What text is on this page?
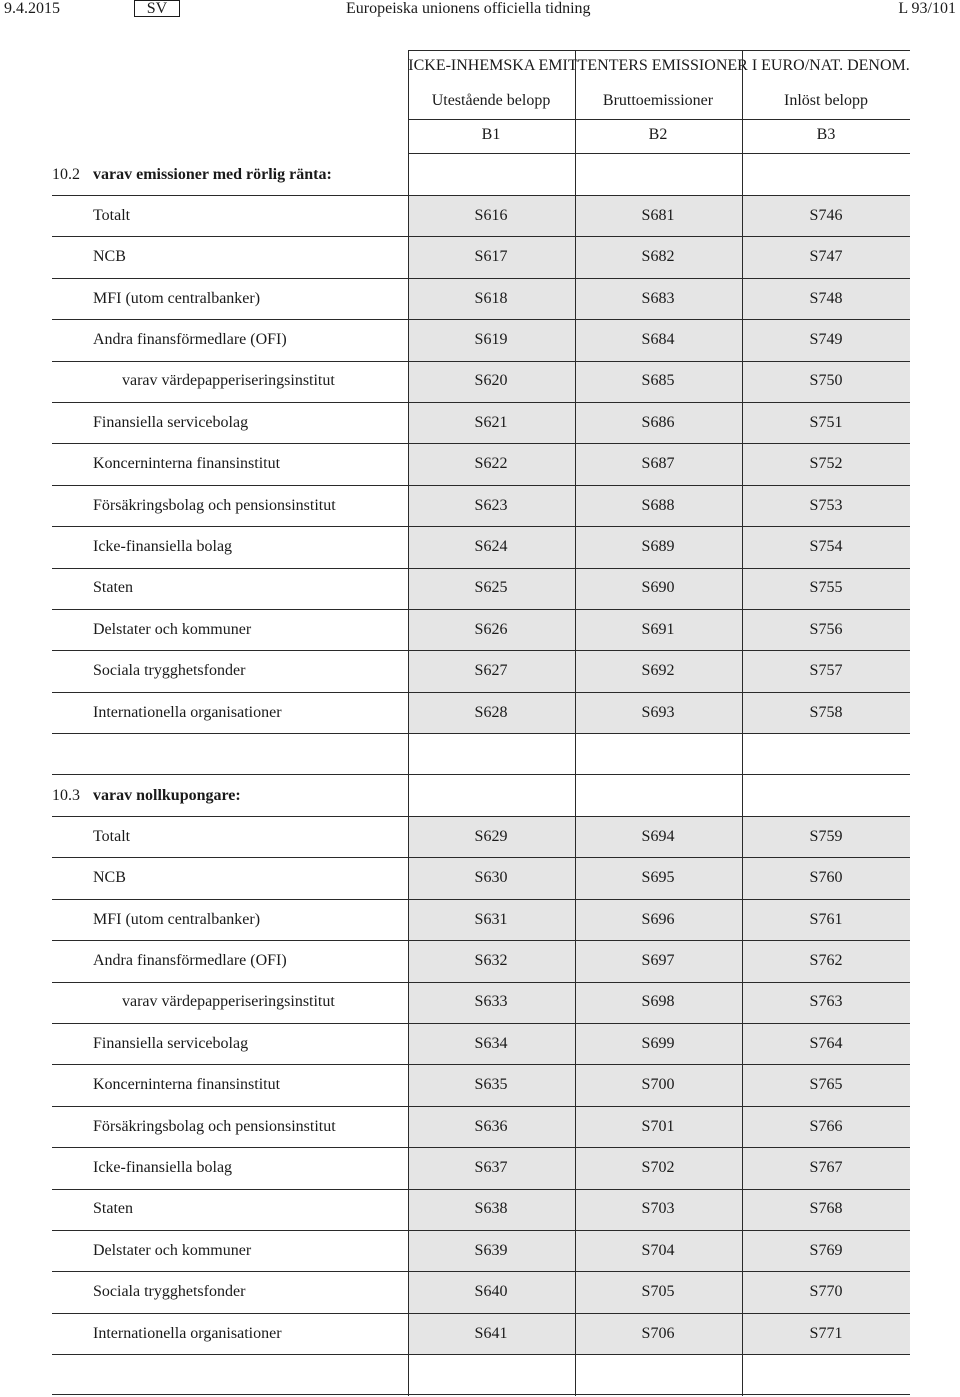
9.4.2015	SV	Europeiska unionens officiella tidning	L 93/101
ICKE-INHEMSKA EMITTENTERS EMISSIONER I EURO/NAT. DENOM.
Utestående belopp	Bruttoemissioner	Inlöst belopp
B1	B2	B3
10.2 varav emissioner med rörlig ränta:
Totalt	S616	S681	S746
NCB	S617	S682	S747
MFI (utom centralbanker)	S618	S683	S748
Andra finansförmedlare (OFI)	S619	S684	S749
varav värdepapperiseringsinstitut	S620	S685	S750
Finansiella servicebolag	S621	S686	S751
Koncerninterna finansinstitut	S622	S687	S752
Försäkringsbolag och pensionsinstitut	S623	S688	S753
Icke-finansiella bolag	S624	S689	S754
Staten	S625	S690	S755
Delstater och kommuner	S626	S691	S756
Sociala trygghetsfonder	S627	S692	S757
Internationella organisationer	S628	S693	S758
10.3 varav nollkupongare:
Totalt	S629	S694	S759
NCB	S630	S695	S760
MFI (utom centralbanker)	S631	S696	S761
Andra finansförmedlare (OFI)	S632	S697	S762
varav värdepapperiseringsinstitut	S633	S698	S763
Finansiella servicebolag	S634	S699	S764
Koncerninterna finansinstitut	S635	S700	S765
Försäkringsbolag och pensionsinstitut	S636	S701	S766
Icke-finansiella bolag	S637	S702	S767
Staten	S638	S703	S768
Delstater och kommuner	S639	S704	S769
Sociala trygghetsfonder	S640	S705	S770
Internationella organisationer	S641	S706	S771
